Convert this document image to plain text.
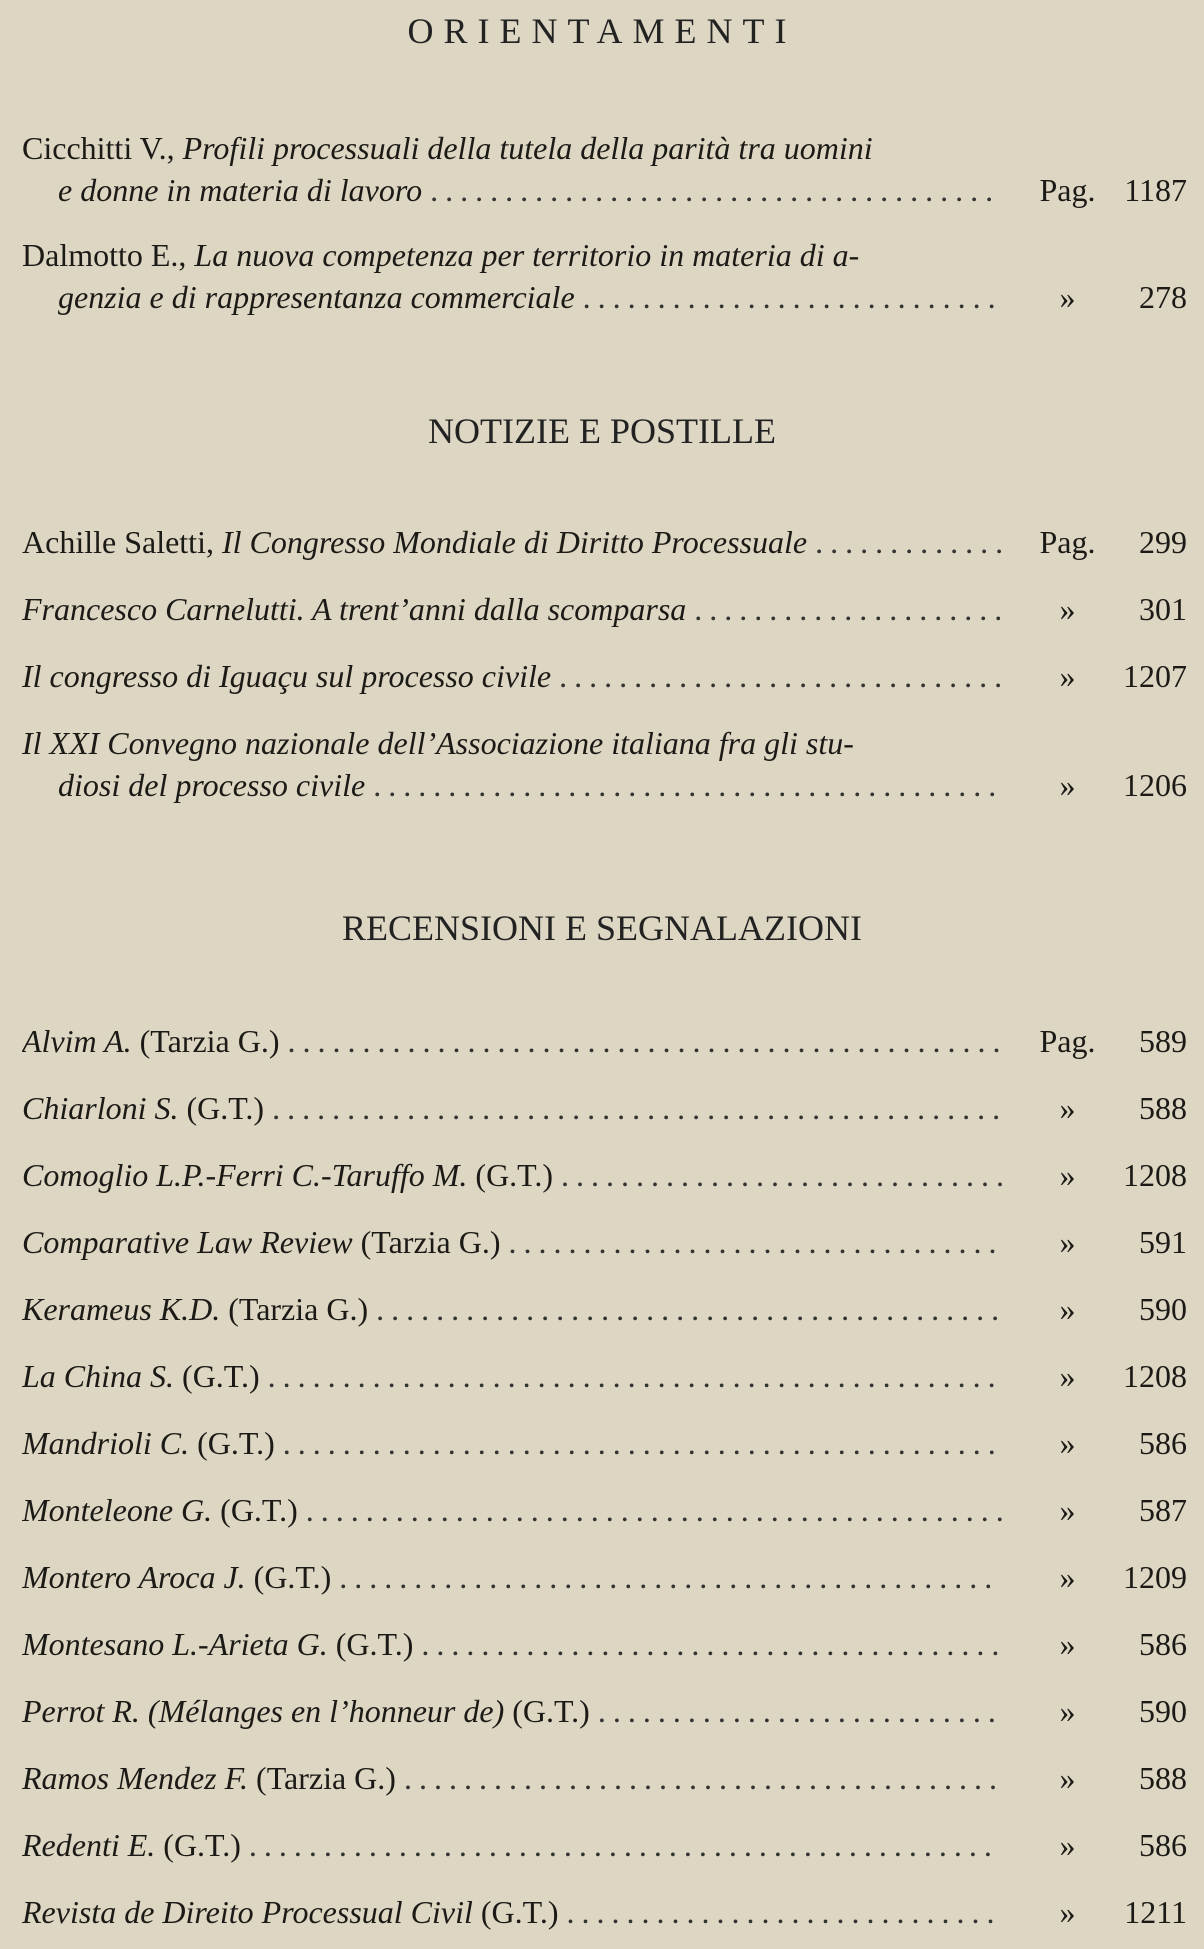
ORIENTAMENTI
Cicchitti V., Profili processuali della tutela della parità tra uomini
e donne in materia di lavoro ...................................... Pag. 1187
Dalmotto E., La nuova competenza per territorio in materia di a-
genzia e di rappresentanza commerciale ............................	»	278
NOTIZIE E POSTILLE
Achille Saletti, Il Congresso Mondiale di Diritto Processuale ............. Pag. 299
Francesco Carnelutti. A trent’anni dalla scomparsa .....................	»	301
Il congresso di Iguaçu sul processo civile ..............................	»	1207
Il XXI Convegno nazionale dell’Associazione italiana fra gli stu-
diosi del processo civile ..........................................	»	1206
RECENSIONI E SEGNALAZIONI
Alvim A. (Tarzia G.) ................................................ Pag. 589
Chiarloni S. (G.T.) .................................................	»	588
Comoglio L.P.-Ferri C.-Taruffo M. (G.T.) ..............................	»	1208
Comparative Law Review (Tarzia G.) .................................	»	591
Kerameus K.D. (Tarzia G.) ..........................................	»	590
La China S. (G.T.) .................................................	»	1208
Mandrioli C. (G.T.) ................................................	»	586
Monteleone G. (G.T.) ...............................................	»	587
Montero Aroca J. (G.T.) ............................................	»	1209
Montesano L.-Arieta G. (G.T.) .......................................	»	586
Perrot R. (Mélanges en l’honneur de) (G.T.) ...........................	»	590
Ramos Mendez F. (Tarzia G.) ........................................	»	588
Redenti E. (G.T.) ..................................................	»	586
Revista de Direito Processual Civil (G.T.) .............................	»	1211
